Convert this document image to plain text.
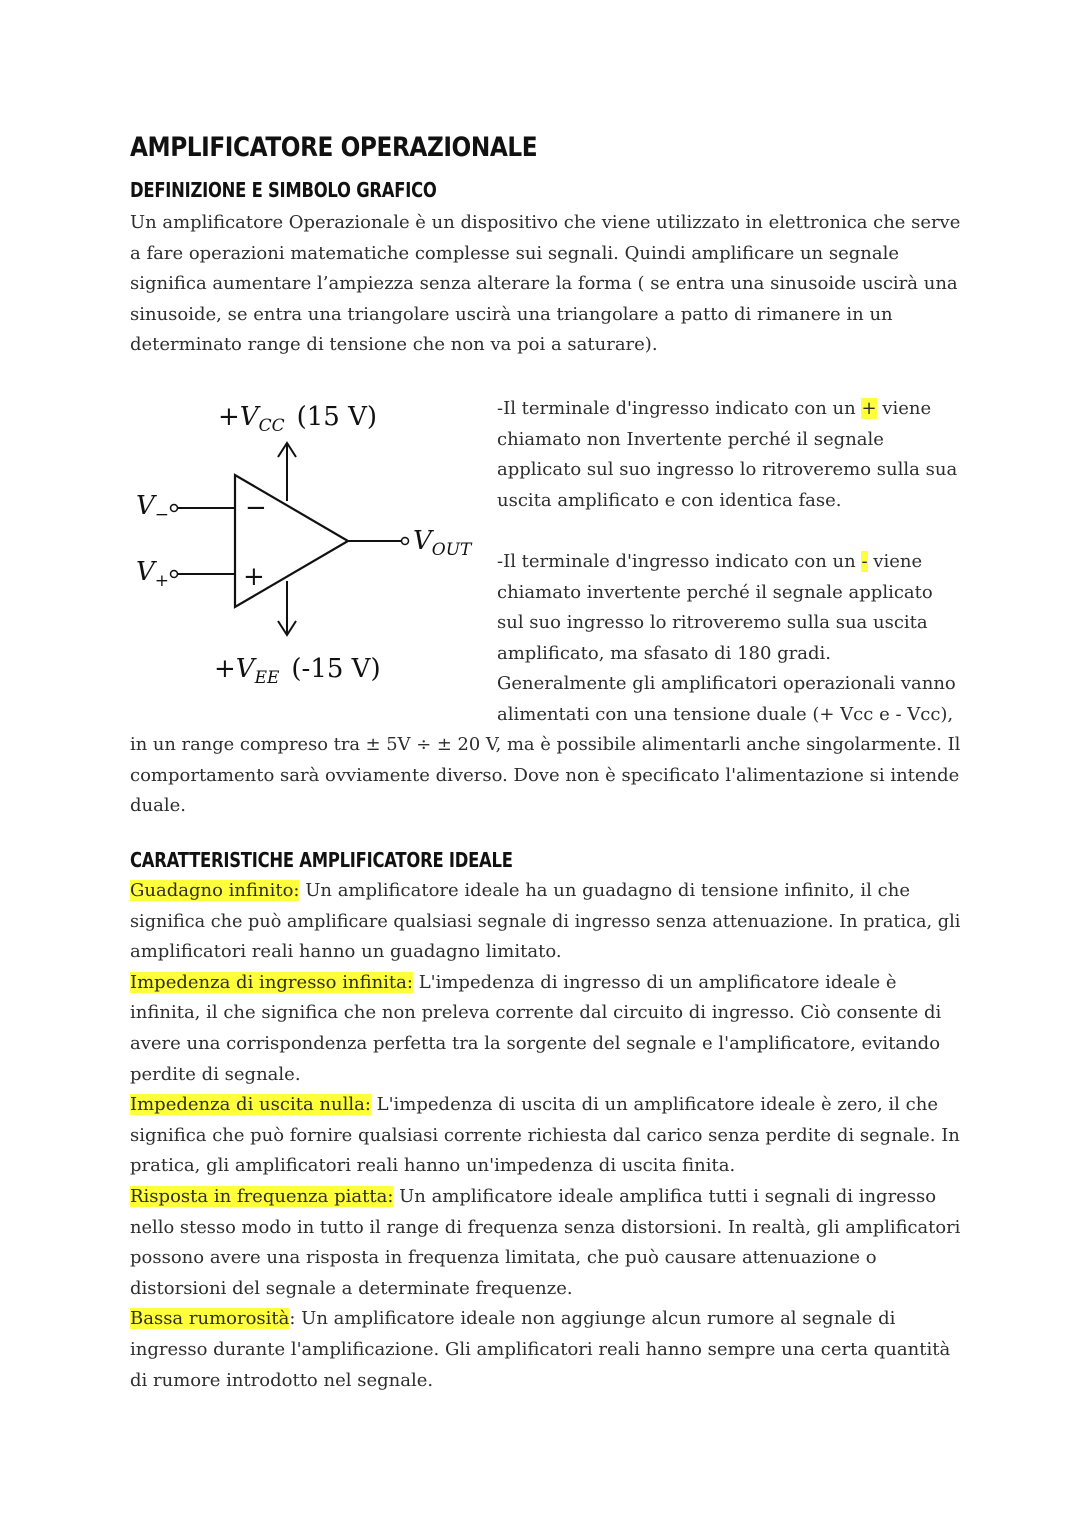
AMPLIFICATORE OPERAZIONALE
DEFINIZIONE E SIMBOLO GRAFICO

Un amplificatore Operazionale è un dispositivo che viene utilizzato in elettronica che serve
a fare operazioni matematiche complesse sui segnali. Quindi amplificare un segnale
significa aumentare l’ampiezza senza alterare la forma ( se entra una sinusoide uscirà una
sinusoide, se entra una triangolare uscirà una triangolare a patto di rimanere in un
determinato range di tensione che non va poi a saturare).

$+V_{CC}$ (15 V)
−
+
$V_-$
$V_+$
$V_{OUT}$
$+V_{EE}$ (-15 V)

-Il terminale d'ingresso indicato con un + viene
chiamato non Invertente perché il segnale
applicato sul suo ingresso lo ritroveremo sulla sua
uscita amplificato e con identica fase.

-Il terminale d'ingresso indicato con un - viene
chiamato invertente perché il segnale applicato
sul suo ingresso lo ritroveremo sulla sua uscita
amplificato, ma sfasato di 180 gradi.
Generalmente gli amplificatori operazionali vanno
alimentati con una tensione duale (+ Vcc e - Vcc),

in un range compreso tra ± 5V ÷ ± 20 V, ma è possibile alimentarli anche singolarmente. Il
comportamento sarà ovviamente diverso. Dove non è specificato l'alimentazione si intende
duale.

CARATTERISTICHE AMPLIFICATORE IDEALE
Guadagno infinito: Un amplificatore ideale ha un guadagno di tensione infinito, il che
significa che può amplificare qualsiasi segnale di ingresso senza attenuazione. In pratica, gli
amplificatori reali hanno un guadagno limitato.
Impedenza di ingresso infinita: L'impedenza di ingresso di un amplificatore ideale è
infinita, il che significa che non preleva corrente dal circuito di ingresso. Ciò consente di
avere una corrispondenza perfetta tra la sorgente del segnale e l'amplificatore, evitando
perdite di segnale.
Impedenza di uscita nulla: L'impedenza di uscita di un amplificatore ideale è zero, il che
significa che può fornire qualsiasi corrente richiesta dal carico senza perdite di segnale. In
pratica, gli amplificatori reali hanno un'impedenza di uscita finita.
Risposta in frequenza piatta: Un amplificatore ideale amplifica tutti i segnali di ingresso
nello stesso modo in tutto il range di frequenza senza distorsioni. In realtà, gli amplificatori
possono avere una risposta in frequenza limitata, che può causare attenuazione o
distorsioni del segnale a determinate frequenze.
Bassa rumorosità: Un amplificatore ideale non aggiunge alcun rumore al segnale di
ingresso durante l'amplificazione. Gli amplificatori reali hanno sempre una certa quantità
di rumore introdotto nel segnale.
